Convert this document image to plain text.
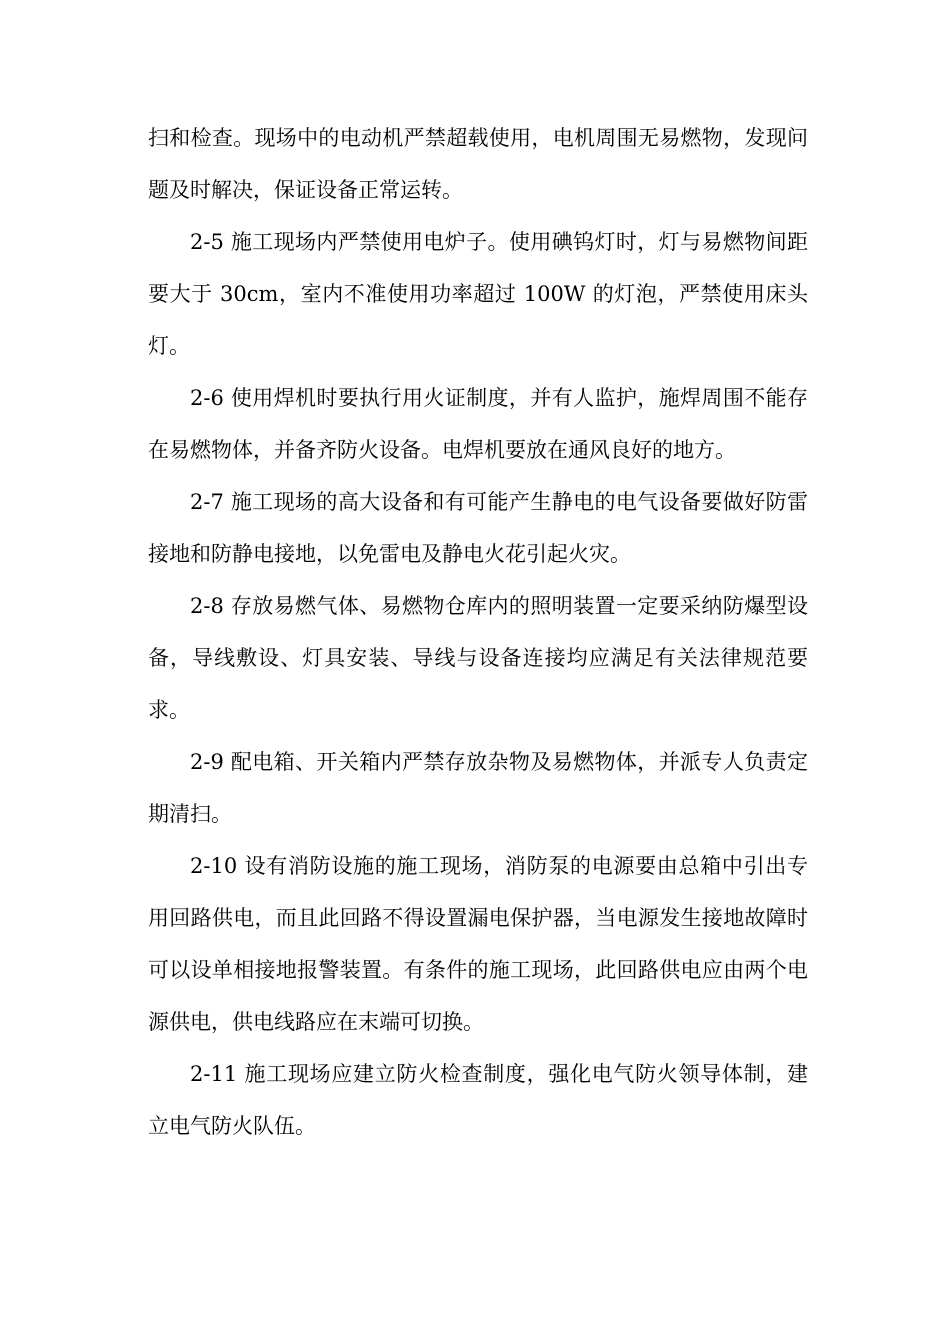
扫和检查。现场中的电动机严禁超载使用，电机周围无易燃物，发现问题及时解决，保证设备正常运转。

2-5 施工现场内严禁使用电炉子。使用碘钨灯时，灯与易燃物间距要大于 30cm，室内不准使用功率超过 100W 的灯泡，严禁使用床头灯。

2-6 使用焊机时要执行用火证制度，并有人监护，施焊周围不能存在易燃物体，并备齐防火设备。电焊机要放在通风良好的地方。

2-7 施工现场的高大设备和有可能产生静电的电气设备要做好防雷接地和防静电接地，以免雷电及静电火花引起火灾。

2-8 存放易燃气体、易燃物仓库内的照明装置一定要采纳防爆型设备，导线敷设、灯具安装、导线与设备连接均应满足有关法律规范要求。

2-9 配电箱、开关箱内严禁存放杂物及易燃物体，并派专人负责定期清扫。

2-10 设有消防设施的施工现场，消防泵的电源要由总箱中引出专用回路供电，而且此回路不得设置漏电保护器，当电源发生接地故障时可以设单相接地报警装置。有条件的施工现场，此回路供电应由两个电源供电，供电线路应在末端可切换。

2-11 施工现场应建立防火检查制度，强化电气防火领导体制，建立电气防火队伍。
